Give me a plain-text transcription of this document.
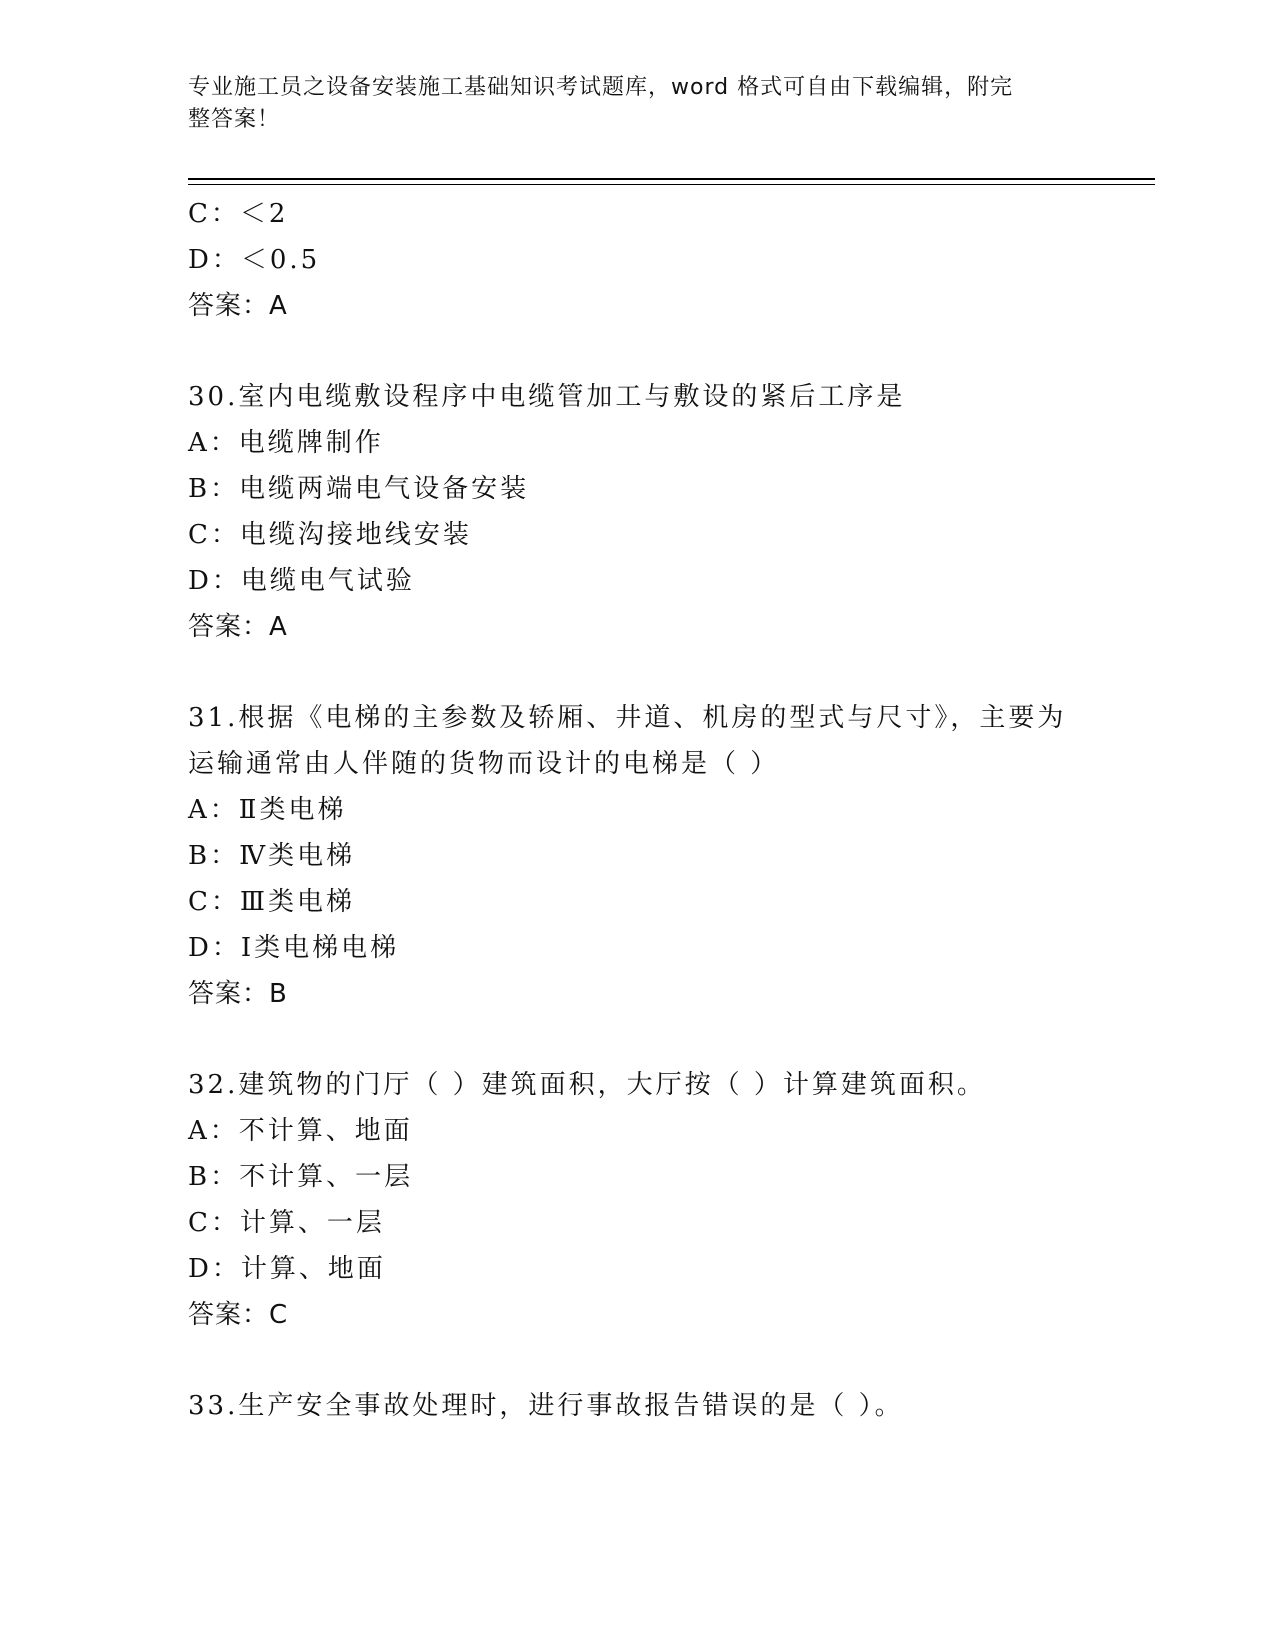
专业施工员之设备安装施工基础知识考试题库，word 格式可自由下载编辑，附完
整答案！
C：＜2
D：＜0.5
答案：A
30.室内电缆敷设程序中电缆管加工与敷设的紧后工序是
A：电缆牌制作
B：电缆两端电气设备安装
C：电缆沟接地线安装
D：电缆电气试验
答案：A
31.根据《电梯的主参数及轿厢、井道、机房的型式与尺寸》，主要为
运输通常由人伴随的货物而设计的电梯是（ ）
A：Ⅱ类电梯
B：Ⅳ类电梯
C：Ⅲ类电梯
D：Ⅰ类电梯电梯
答案：B
32.建筑物的门厅（ ）建筑面积，大厅按（ ）计算建筑面积。
A：不计算、地面
B：不计算、一层
C：计算、一层
D：计算、地面
答案：C
33.生产安全事故处理时，进行事故报告错误的是（ ）。
